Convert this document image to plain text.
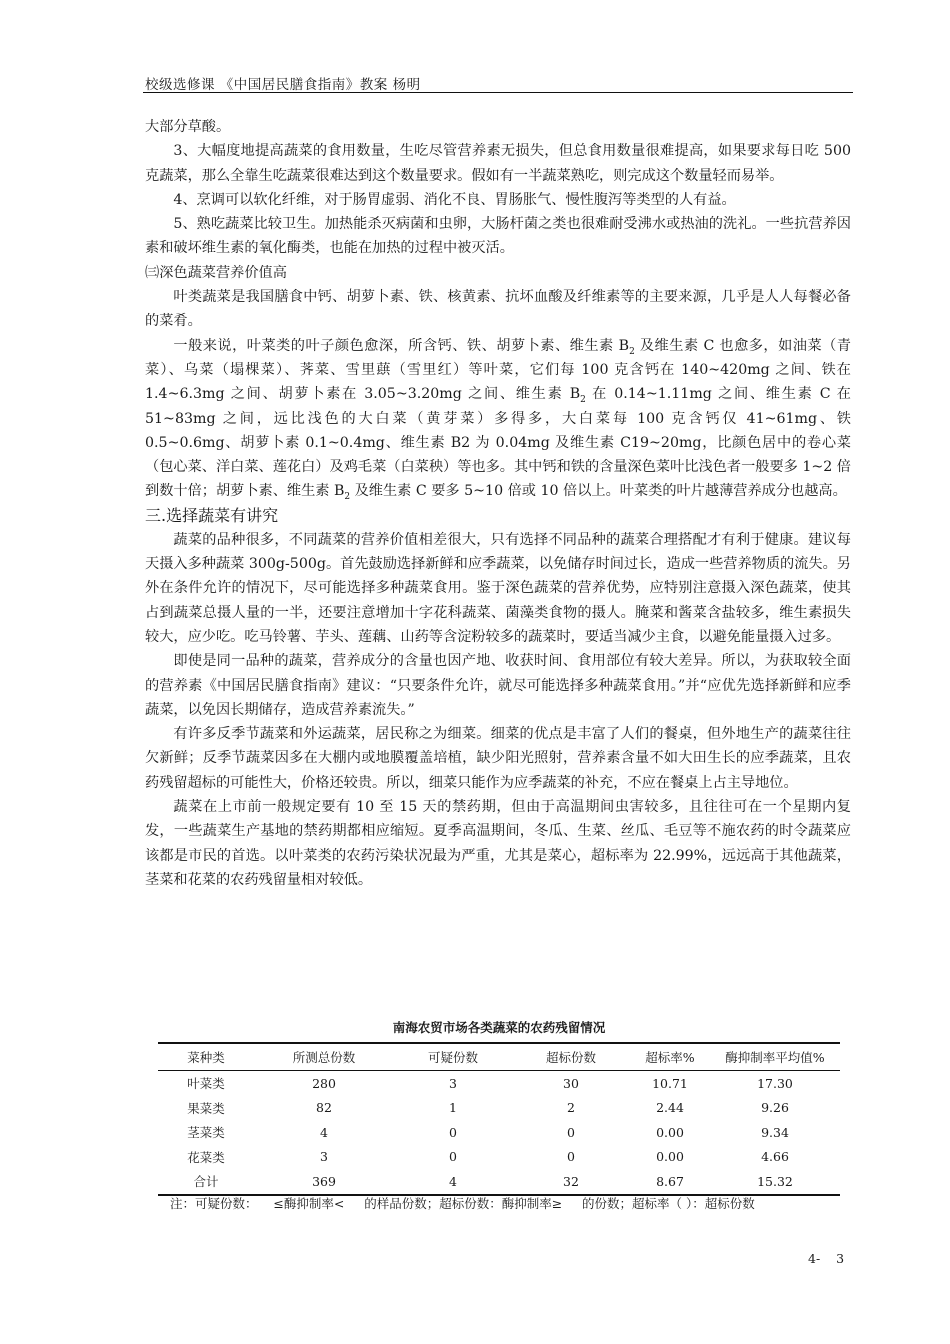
校级选修课 《中国居民膳食指南》教案 杨明

大部分草酸。

3、大幅度地提高蔬菜的食用数量，生吃尽管营养素无损失，但总食用数量很难提高，如果要求每日吃 500 克蔬菜，那么全靠生吃蔬菜很难达到这个数量要求。假如有一半蔬菜熟吃，则完成这个数量轻而易举。

4、烹调可以软化纤维，对于肠胃虚弱、消化不良、胃肠胀气、慢性腹泻等类型的人有益。

5、熟吃蔬菜比较卫生。加热能杀灭病菌和虫卵，大肠杆菌之类也很难耐受沸水或热油的洗礼。一些抗营养因素和破坏维生素的氧化酶类，也能在加热的过程中被灭活。

㈢深色蔬菜营养价值高

叶类蔬菜是我国膳食中钙、胡萝卜素、铁、核黄素、抗坏血酸及纤维素等的主要来源，几乎是人人每餐必备的菜肴。

一般来说，叶菜类的叶子颜色愈深，所含钙、铁、胡萝卜素、维生素 $B_2$ 及维生素 C 也愈多，如油菜（青菜）、乌菜（塌棵菜）、荠菜、雪里蕻（雪里红）等叶菜，它们每 100 克含钙在 140~420mg 之间、铁在 1.4~6.3mg 之间、胡萝卜素在 3.05~3.20mg 之间、维生素 $B_2$ 在 0.14~1.11mg 之间、维生素 C 在 51~83mg 之间，远比浅色的大白菜（黄芽菜）多得多，大白菜每 100 克含钙仅 41~61mg、铁 0.5~0.6mg、胡萝卜素 0.1~0.4mg、维生素 B2 为 0.04mg 及维生素 C19~20mg，比颜色居中的卷心菜（包心菜、洋白菜、莲花白）及鸡毛菜（白菜秧）等也多。其中钙和铁的含量深色菜叶比浅色者一般要多 1~2 倍到数十倍；胡萝卜素、维生素 $B_2$ 及维生素 C 要多 5~10 倍或 10 倍以上。叶菜类的叶片越薄营养成分也越高。

三.选择蔬菜有讲究

蔬菜的品种很多，不同蔬菜的营养价值相差很大，只有选择不同品种的蔬菜合理搭配才有利于健康。建议每天摄入多种蔬菜 300g-500g。首先鼓励选择新鲜和应季蔬菜，以免储存时间过长，造成一些营养物质的流失。另外在条件允许的情况下，尽可能选择多种蔬菜食用。鉴于深色蔬菜的营养优势，应特别注意摄入深色蔬菜，使其占到蔬菜总摄人量的一半，还要注意增加十字花科蔬菜、菌藻类食物的摄人。腌菜和酱菜含盐较多，维生素损失较大，应少吃。吃马铃薯、芋头、莲藕、山药等含淀粉较多的蔬菜时，要适当减少主食，以避免能量摄入过多。

即使是同一品种的蔬菜，营养成分的含量也因产地、收获时间、食用部位有较大差异。所以，为获取较全面的营养素《中国居民膳食指南》建议：“只要条件允许，就尽可能选择多种蔬菜食用。”并“应优先选择新鲜和应季蔬菜，以免因长期储存，造成营养素流失。”

有许多反季节蔬菜和外运蔬菜，居民称之为细菜。细菜的优点是丰富了人们的餐桌，但外地生产的蔬菜往往欠新鲜；反季节蔬菜因多在大棚内或地膜覆盖培植，缺少阳光照射，营养素含量不如大田生长的应季蔬菜，且农药残留超标的可能性大，价格还较贵。所以，细菜只能作为应季蔬菜的补充，不应在餐桌上占主导地位。

蔬菜在上市前一般规定要有 10 至 15 天的禁药期，但由于高温期间虫害较多，且往往可在一个星期内复发，一些蔬菜生产基地的禁药期都相应缩短。夏季高温期间，冬瓜、生菜、丝瓜、毛豆等不施农药的时令蔬菜应该都是市民的首选。以叶菜类的农药污染状况最为严重，尤其是菜心，超标率为 22.99%，远远高于其他蔬菜，茎菜和花菜的农药残留量相对较低。

南海农贸市场各类蔬菜的农药残留情况
菜种类	所测总份数	可疑份数	超标份数	超标率%	酶抑制率平均值%
叶菜类	280	3	30	10.71	17.30
果菜类	82	1	2	2.44	9.26
茎菜类	4	0	0	0.00	9.34
花菜类	3	0	0	0.00	4.66
合计	369	4	32	8.67	15.32
注：可疑份数：    ≤酶抑制率<     的样品份数；超标份数：酶抑制率≥     的份数；超标率（ ）：超标份数
4-    3
